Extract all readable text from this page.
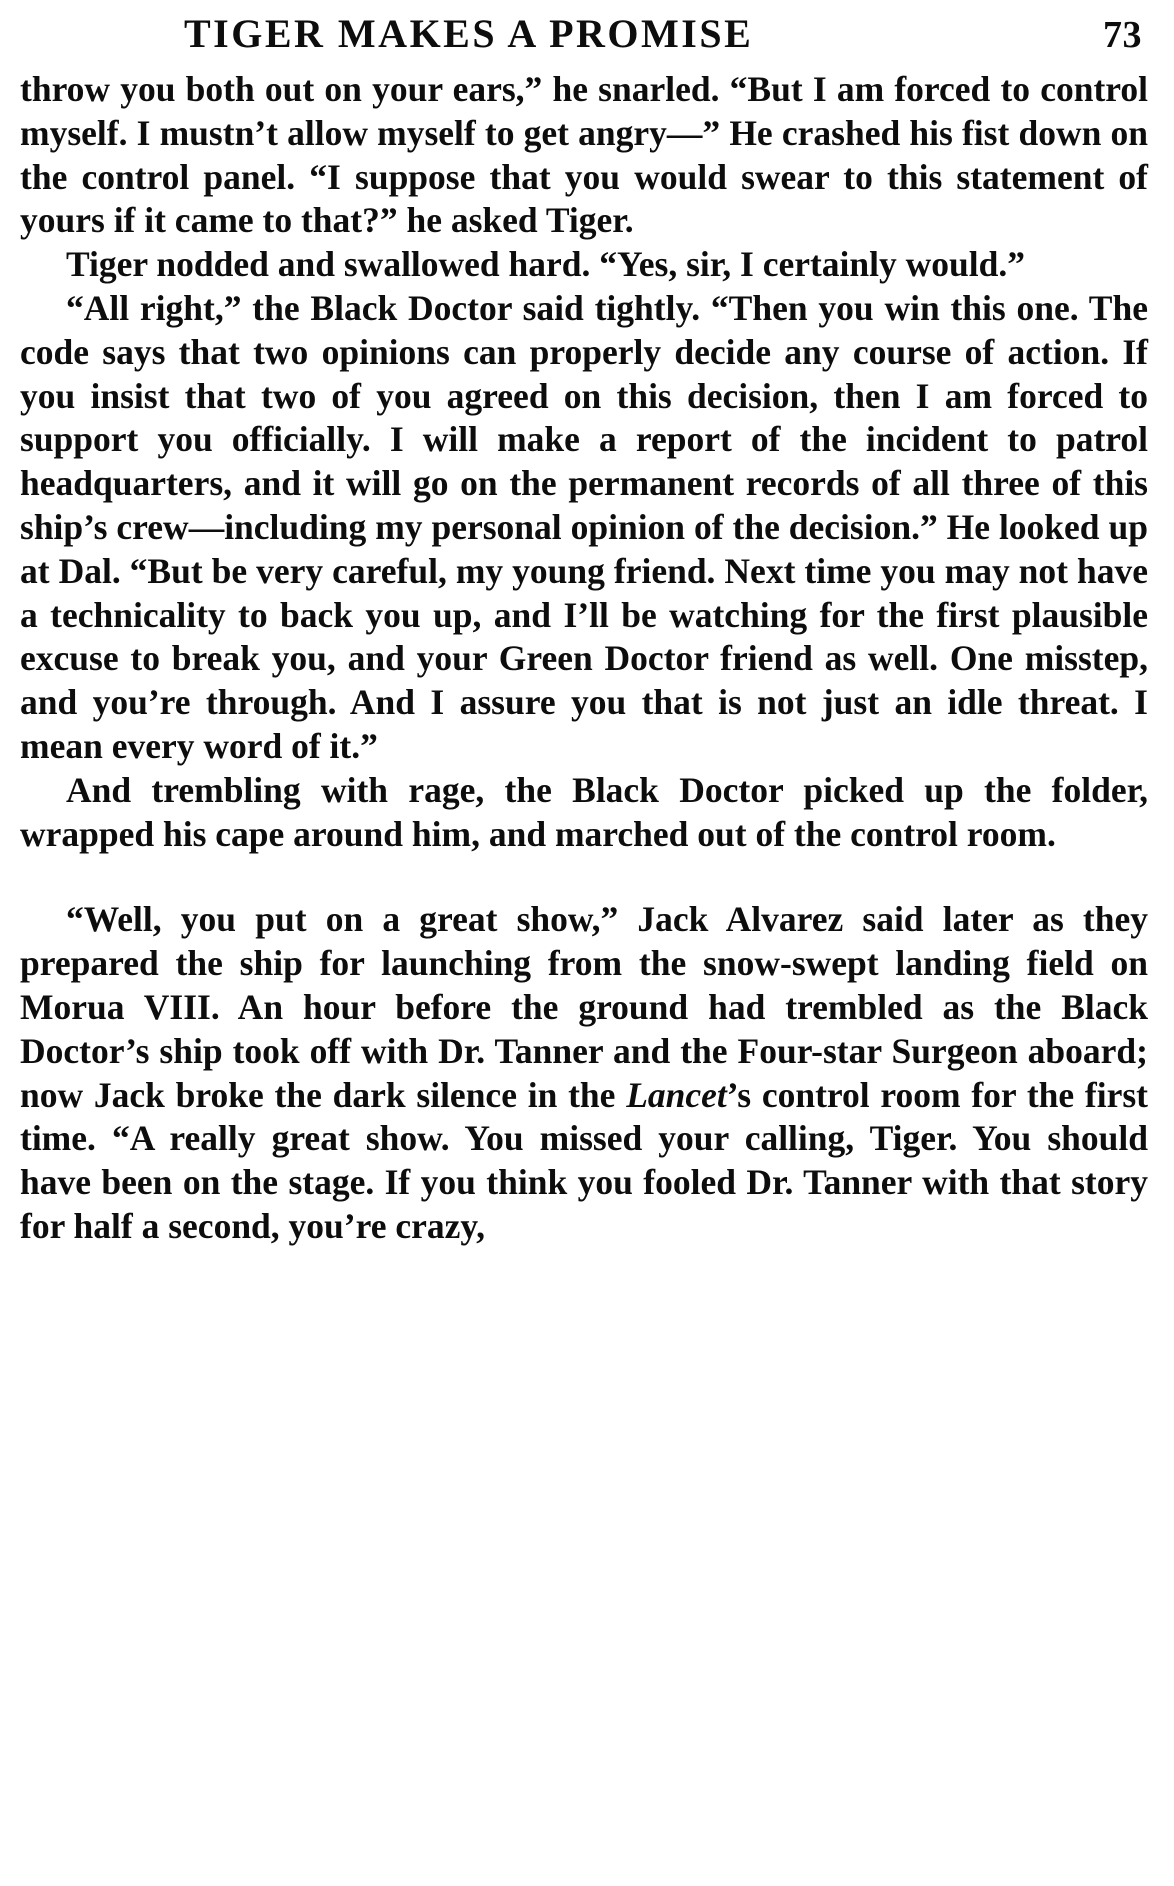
TIGER MAKES A PROMISE	73

throw you both out on your ears,” he snarled. “But I am forced to control myself. I mustn’t allow myself to get angry—” He crashed his fist down on the control panel. “I suppose that you would swear to this statement of yours if it came to that?” he asked Tiger.

Tiger nodded and swallowed hard. “Yes, sir, I certainly would.”

“All right,” the Black Doctor said tightly. “Then you win this one. The code says that two opinions can properly decide any course of action. If you insist that two of you agreed on this decision, then I am forced to support you officially. I will make a report of the incident to patrol headquarters, and it will go on the permanent records of all three of this ship’s crew—including my personal opinion of the decision.” He looked up at Dal. “But be very careful, my young friend. Next time you may not have a technicality to back you up, and I’ll be watching for the first plausible excuse to break you, and your Green Doctor friend as well. One misstep, and you’re through. And I assure you that is not just an idle threat. I mean every word of it.”

And trembling with rage, the Black Doctor picked up the folder, wrapped his cape around him, and marched out of the control room.

“Well, you put on a great show,” Jack Alvarez said later as they prepared the ship for launching from the snow-swept landing field on Morua VIII. An hour before the ground had trembled as the Black Doctor’s ship took off with Dr. Tanner and the Four-star Surgeon aboard; now Jack broke the dark silence in the Lancet’s control room for the first time. “A really great show. You missed your calling, Tiger. You should have been on the stage. If you think you fooled Dr. Tanner with that story for half a second, you’re crazy,
